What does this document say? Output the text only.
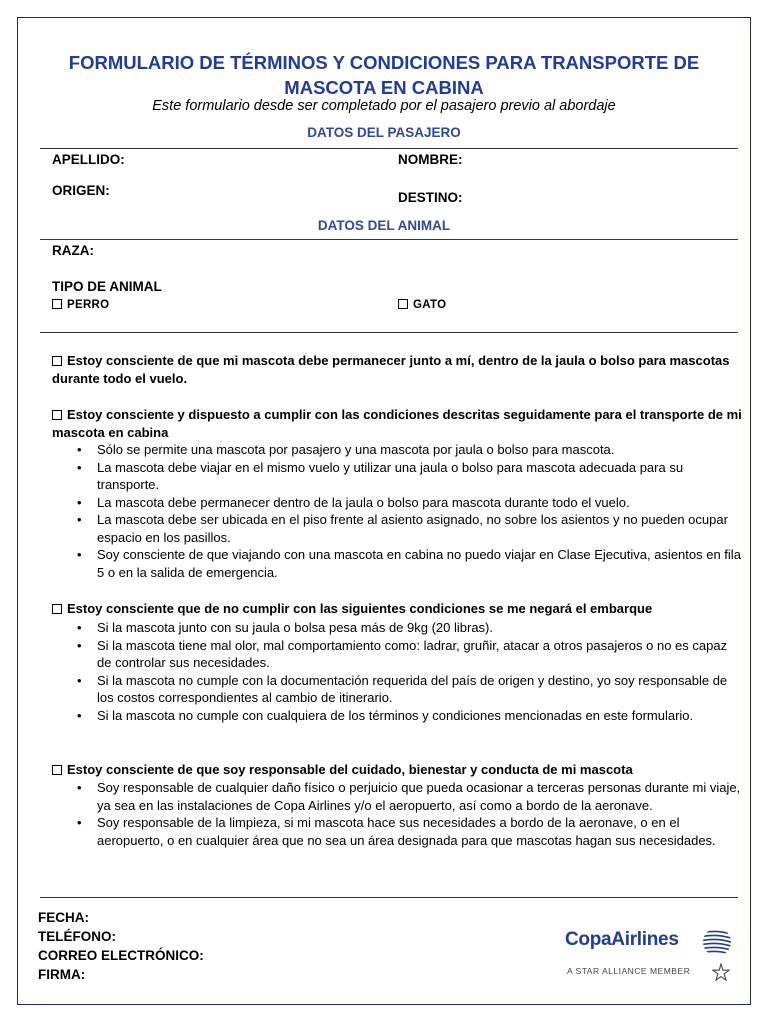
FORMULARIO DE TÉRMINOS Y CONDICIONES PARA TRANSPORTE DE MASCOTA EN CABINA
Este formulario desde ser completado por el pasajero previo al abordaje
DATOS DEL PASAJERO
APELLIDO:	NOMBRE:
ORIGEN:	DESTINO:
DATOS DEL ANIMAL
RAZA:
TIPO DE ANIMAL
PERRO	GATO
Estoy consciente de que mi mascota debe permanecer junto a mí, dentro de la jaula o bolso para mascotas durante todo el vuelo.
Estoy consciente y dispuesto a cumplir con las condiciones descritas seguidamente para el transporte de mi mascota en cabina
• Sólo se permite una mascota por pasajero y una mascota por jaula o bolso para mascota.
• La mascota debe viajar en el mismo vuelo y utilizar una jaula o bolso para mascota adecuada para su transporte.
• La mascota debe permanecer dentro de la jaula o bolso para mascota durante todo el vuelo.
• La mascota debe ser ubicada en el piso frente al asiento asignado, no sobre los asientos y no pueden ocupar espacio en los pasillos.
• Soy consciente de que viajando con una mascota en cabina no puedo viajar en Clase Ejecutiva, asientos en fila 5 o en la salida de emergencia.
Estoy consciente que de no cumplir con las siguientes condiciones se me negará el embarque
• Si la mascota junto con su jaula o bolsa pesa más de 9kg (20 libras).
• Si la mascota tiene mal olor, mal comportamiento como: ladrar, gruñir, atacar a otros pasajeros o no es capaz de controlar sus necesidades.
• Si la mascota no cumple con la documentación requerida del país de origen y destino, yo soy responsable de los costos correspondientes al cambio de itinerario.
• Si la mascota no cumple con cualquiera de los términos y condiciones mencionadas en este formulario.
Estoy consciente de que soy responsable del cuidado, bienestar y conducta de mi mascota
• Soy responsable de cualquier daño físico o perjuicio que pueda ocasionar a terceras personas durante mi viaje, ya sea en las instalaciones de Copa Airlines y/o el aeropuerto, así como a bordo de la aeronave.
• Soy responsable de la limpieza, si mi mascota hace sus necesidades a bordo de la aeronave, o en el aeropuerto, o en cualquier área que no sea un área designada para que mascotas hagan sus necesidades.
FECHA:
TELÉFONO:
CORREO ELECTRÓNICO:
FIRMA:
CopaAirlines
A STAR ALLIANCE MEMBER
